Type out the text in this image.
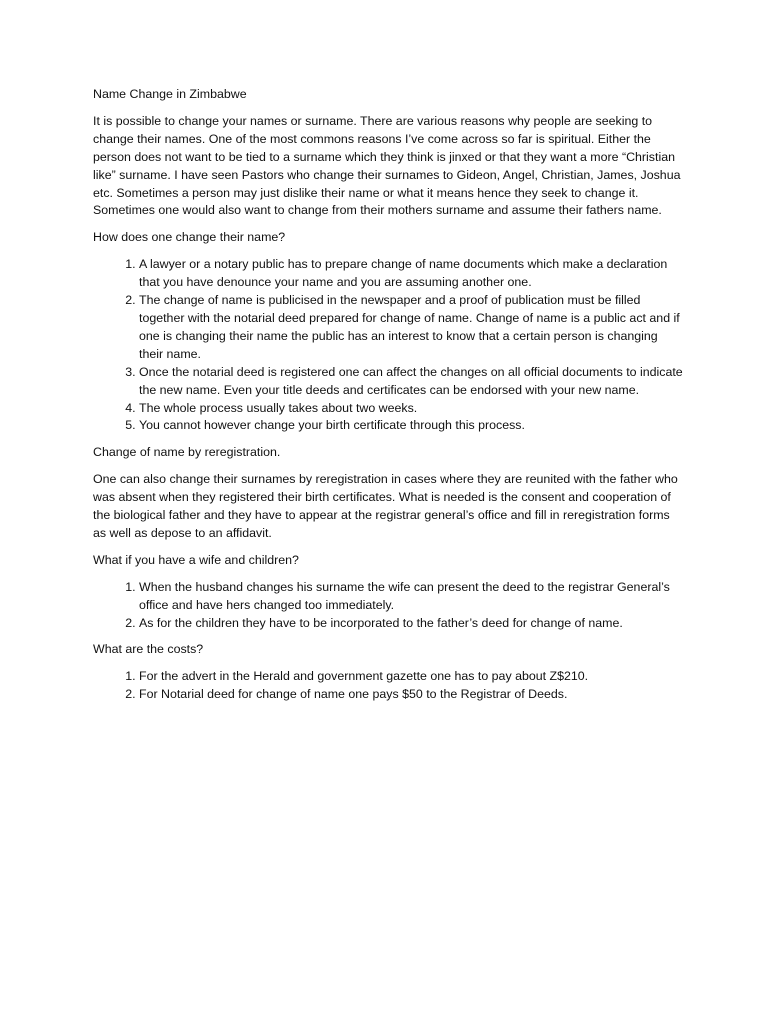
Name Change in Zimbabwe

It is possible to change your names or surname. There are various reasons why people are seeking to change their names. One of the most commons reasons I’ve come across so far is spiritual. Either the person does not want to be tied to a surname which they think is jinxed or that they want a more “Christian like” surname. I have seen Pastors who change their surnames to Gideon, Angel, Christian, James, Joshua etc. Sometimes a person may just dislike their name or what it means hence they seek to change it. Sometimes one would also want to change from their mothers surname and assume their fathers name.

How does one change their name?

1. A lawyer or a notary public has to prepare change of name documents which make a declaration that you have denounce your name and you are assuming another one.
2. The change of name is publicised in the newspaper and a proof of publication must be filled together with the notarial deed prepared for change of name. Change of name is a public act and if one is changing their name the public has an interest to know that a certain person is changing their name.
3. Once the notarial deed is registered one can affect the changes on all official documents to indicate the new name. Even your title deeds and certificates can be endorsed with your new name.
4. The whole process usually takes about two weeks.
5. You cannot however change your birth certificate through this process.

Change of name by reregistration.

One can also change their surnames by reregistration in cases where they are reunited with the father who was absent when they registered their birth certificates. What is needed is the consent and cooperation of the biological father and they have to appear at the registrar general’s office and fill in reregistration forms as well as depose to an affidavit.

What if you have a wife and children?

1. When the husband changes his surname the wife can present the deed to the registrar General’s office and have hers changed too immediately.
2. As for the children they have to be incorporated to the father’s deed for change of name.

What are the costs?

1. For the advert in the Herald and government gazette one has to pay about Z$210.
2. For Notarial deed for change of name one pays $50 to the Registrar of Deeds.
